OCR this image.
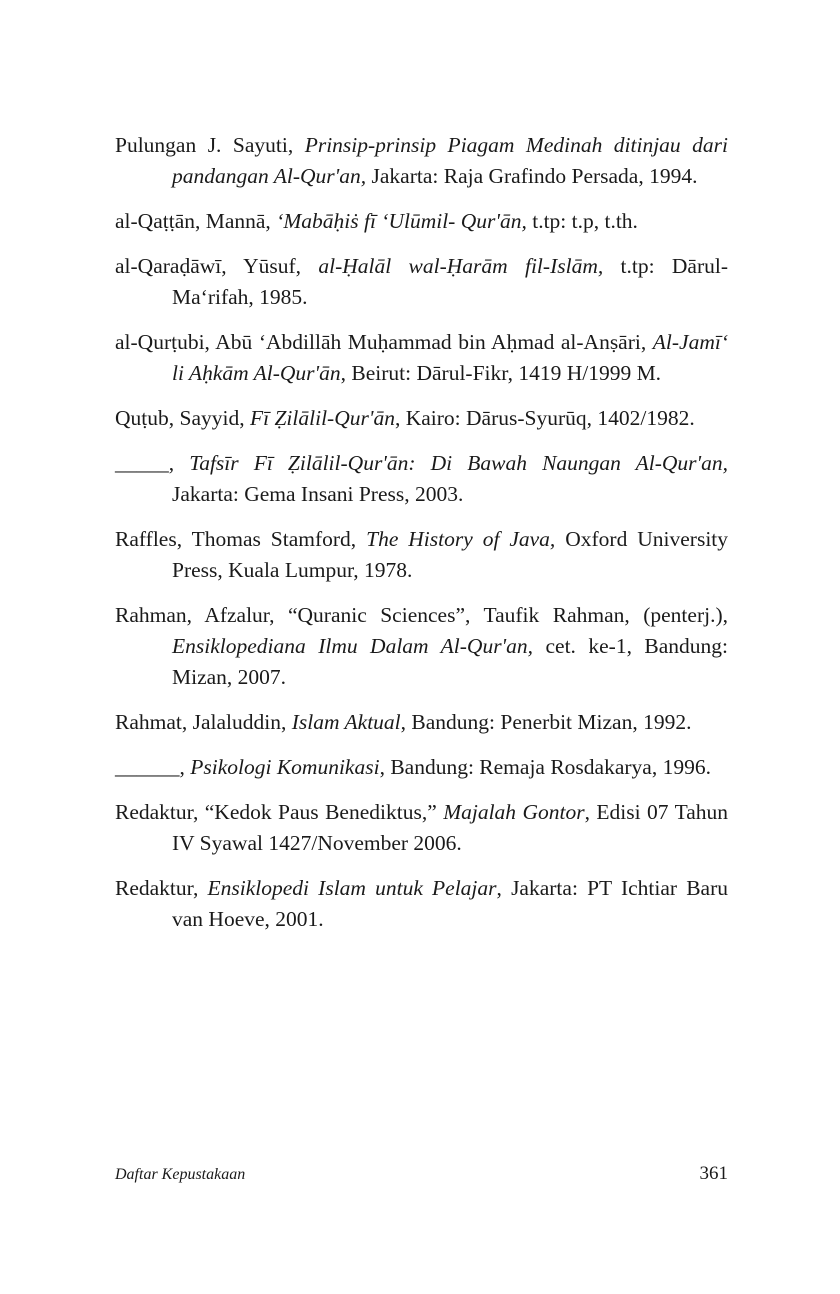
Pulungan J. Sayuti, Prinsip-prinsip Piagam Medinah ditinjau dari pandangan Al-Qur'an, Jakarta: Raja Grafindo Persada, 1994.

al-Qaṭṭān, Mannā, ‘Mabāḥiṡ fī ‘Ulūmil- Qur'ān, t.tp: t.p, t.th.

al-Qaraḍāwī, Yūsuf, al-Ḥalāl wal-Ḥarām fil-Islām, t.tp: Dārul-Ma‘rifah, 1985.

al-Qurṭubi, Abū ‘Abdillāh Muḥammad bin Aḥmad al-Anṣāri, Al-Jamī‘ li Aḥkām Al-Qur'ān, Beirut: Dārul-Fikr, 1419 H/1999 M.

Quṭub, Sayyid, Fī Ẓilālil-Qur'ān, Kairo: Dārus-Syurūq, 1402/1982.

_____, Tafsīr Fī Ẓilālil-Qur'ān: Di Bawah Naungan Al-Qur'an, Jakarta: Gema Insani Press, 2003.

Raffles, Thomas Stamford, The History of Java, Oxford University Press, Kuala Lumpur, 1978.

Rahman, Afzalur, “Quranic Sciences”, Taufik Rahman, (penterj.), Ensiklopediana Ilmu Dalam Al-Qur'an, cet. ke-1, Bandung: Mizan, 2007.

Rahmat, Jalaluddin, Islam Aktual, Bandung: Penerbit Mizan, 1992.

______, Psikologi Komunikasi, Bandung: Remaja Rosdakarya, 1996.

Redaktur, “Kedok Paus Benediktus,” Majalah Gontor, Edisi 07 Tahun IV Syawal 1427/November 2006.

Redaktur, Ensiklopedi Islam untuk Pelajar, Jakarta: PT Ichtiar Baru van Hoeve, 2001.

Daftar Kepustakaan	361
